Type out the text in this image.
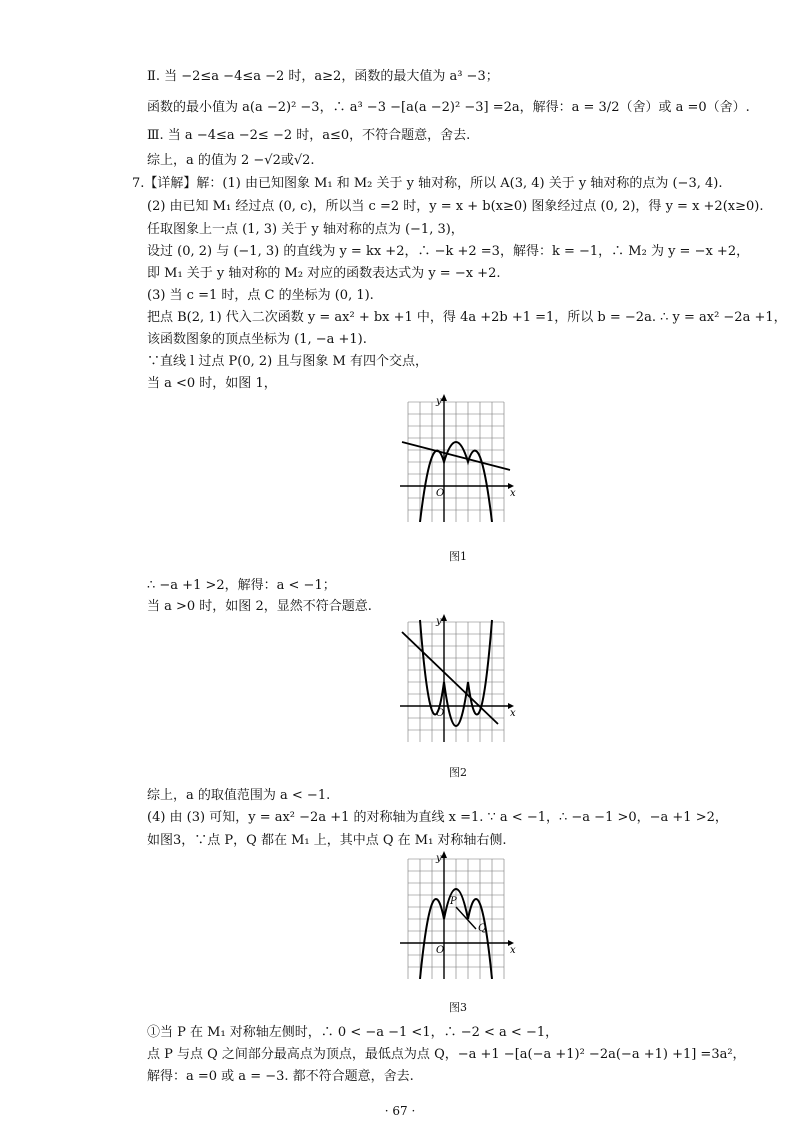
Ⅱ. 当 −2≤a −4≤a −2 时，a≥2，函数的最大值为 a³ −3；
函数的最小值为 a(a −2)² −3，∴ a³ −3 −[a(a −2)² −3] =2a，解得：a = 3/2（舍）或 a =0（舍）.
Ⅲ. 当 a −4≤a −2≤ −2 时，a≤0，不符合题意，舍去.
综上，a 的值为 2 −√2或√2.
7.【详解】解：(1) 由已知图象 M₁ 和 M₂ 关于 y 轴对称，所以 A(3, 4) 关于 y 轴对称的点为 (−3, 4).
(2) 由已知 M₁ 经过点 (0, c)，所以当 c =2 时，y = x + b(x≥0) 图象经过点 (0, 2)，得 y = x +2(x≥0).
任取图象上一点 (1, 3) 关于 y 轴对称的点为 (−1, 3)，
设过 (0, 2) 与 (−1, 3) 的直线为 y = kx +2，∴ −k +2 =3，解得：k = −1，∴ M₂ 为 y = −x +2，
即 M₁ 关于 y 轴对称的 M₂ 对应的函数表达式为 y = −x +2.
(3) 当 c =1 时，点 C 的坐标为 (0, 1).
把点 B(2, 1) 代入二次函数 y = ax² + bx +1 中，得 4a +2b +1 =1，所以 b = −2a. ∴ y = ax² −2a +1，
该函数图象的顶点坐标为 (1, −a +1).
∵直线 l 过点 P(0, 2) 且与图象 M 有四个交点，
当 a <0 时，如图 1，
y
x
O
图1
∴ −a +1 >2，解得：a < −1；
当 a >0 时，如图 2，显然不符合题意.
y
x
O
图2
综上，a 的取值范围为 a < −1.
(4) 由 (3) 可知，y = ax² −2a +1 的对称轴为直线 x =1. ∵ a < −1，∴ −a −1 >0，−a +1 >2，
如图3，∵点 P，Q 都在 M₁ 上，其中点 Q 在 M₁ 对称轴右侧.
y
x
O
P
Q
图3
①当 P 在 M₁ 对称轴左侧时，∴ 0 < −a −1 <1，∴ −2 < a < −1，
点 P 与点 Q 之间部分最高点为顶点，最低点为点 Q，−a +1 −[a(−a +1)² −2a(−a +1) +1] =3a²，
解得：a =0 或 a = −3. 都不符合题意，舍去.
· 67 ·
